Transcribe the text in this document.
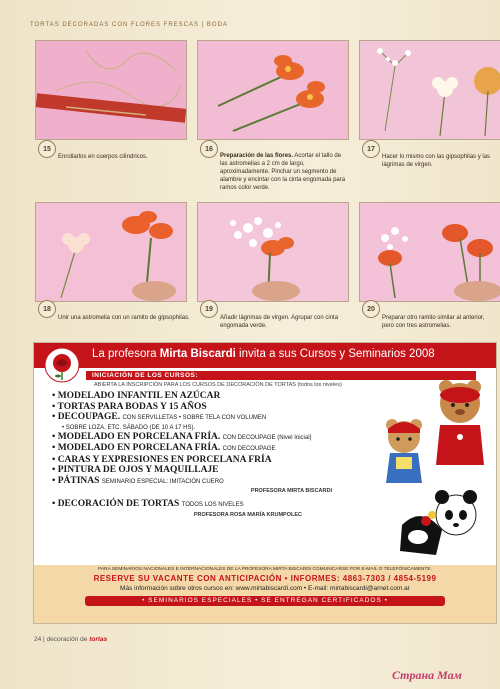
TORTAS DECORADAS CON FLORES FRESCAS | BODA
15
Enrollarlos en cuerpos cilíndricos.
16
Preparación de las flores. Acortar el tallo de las astromelias a 2 cm de largo, aproximadamente. Pinchar un segmento de alambre y encintar con la cinta engomada para ramos color verde.
17
Hacer lo mismo con las gipsophilas y las lágrimas de virgen.
18
Unir una astromelia con un ramito de gipsophilas.
19
Añadir lágrimas de virgen. Agrupar con cinta engomada verde.
20
Preparar otro ramito similar al anterior, pero con tres astromelias.
La profesora Mirta Biscardi invita a sus Cursos y Seminarios 2008
INICIACIÓN DE LOS CURSOS:
ABIERTA LA INSCRIPCIÓN PARA LOS CURSOS DE DECORACIÓN DE TORTAS (todos los niveles)
• MODELADO INFANTIL EN AZÚCAR
• TORTAS PARA BODAS Y 15 AÑOS
• DECOUPAGE. CON SERVILLETAS • SOBRE TELA CON VOLUMEN
• SOBRE LOZA, ETC. SÁBADO (DE 10 A 17 HS).
• MODELADO EN PORCELANA FRÍA. CON DECOUPAGE (Nivel Inicial)
• MODELADO EN PORCELANA FRÍA. CON DECOUPAGE
• CARAS Y EXPRESIONES EN PORCELANA FRÍA
• PINTURA DE OJOS Y MAQUILLAJE
• PÁTINAS SEMINARIO ESPECIAL: IMITACIÓN CUERO
PROFESORA MIRTA BISCARDI
• DECORACIÓN DE TORTAS TODOS LOS NIVELES
PROFESORA ROSA MARÍA KRUMPOLEC
PARA SEMINARIOS NACIONALES E INTERNACIONALES DE LA PROFESORA MIRTA BISCARDI COMUNICARSE POR E-MAIL O TELEFÓNICAMENTE.
RESERVE SU VACANTE CON ANTICIPACIÓN • INFORMES: 4863-7303 / 4854-5199
Más información sobre otros cursos en: www.mirtabiscardi.com • E-mail: mirtabiscardi@arnet.com.ar
• SEMINARIOS ESPECIALES • SE ENTREGAN CERTIFICADOS •
24 | decoración de tortas
Страна Мам
